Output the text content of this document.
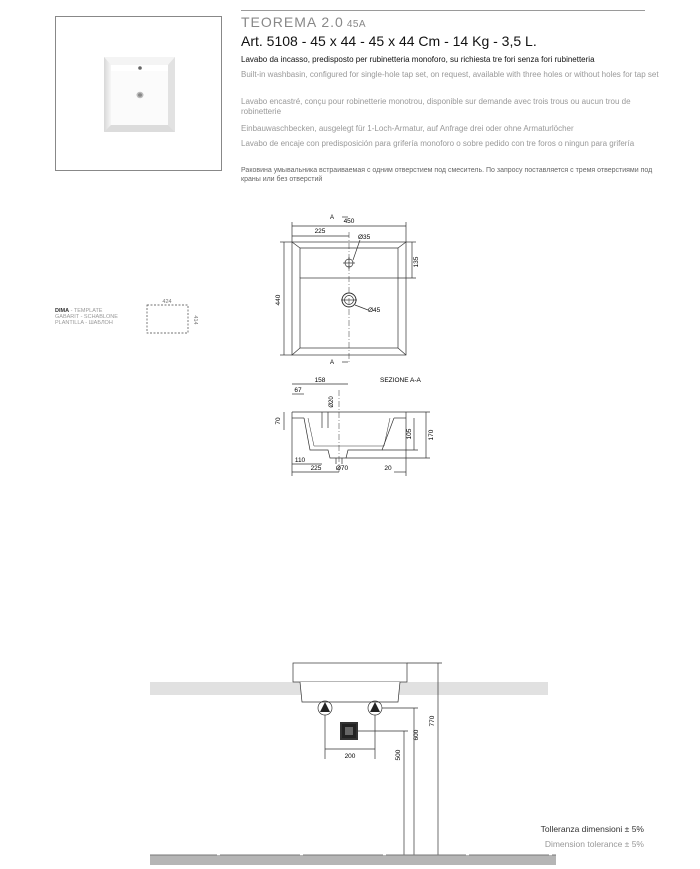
TEOREMA 2.0 45A
Art. 5108 - 45 x 44 - 45 x 44 Cm - 14 Kg - 3,5 L.
Lavabo da incasso, predisposto per rubinetteria monoforo, su richiesta tre fori senza fori rubinetteria
Built-in washbasin, configured for single-hole tap set, on request, available with three holes or without holes for tap set
Lavabo encastré, conçu pour robinetterie monotrou, disponible sur demande avec trois trous ou aucun trou de robinetterie
Einbauwaschbecken, ausgelegt für 1-Loch-Armatur, auf Anfrage drei oder ohne Armaturlöcher
Lavabo de encaje con predisposición para grifería monoforo o sobre pedido con tre foros o ningun para grifería
Раковина умывальника встраиваемая с одним отверстием под смеситель. По запросу поставляется с тремя отверстиями под краны или без отверстий
DIMA - TEMPLATE
GABARIT - SCHABLONE
PLANTILLA - ШАБЛОН
424
414
450
225
Ø35
Ø45
135
440
A
A
SEZIONE A-A
158
67
70
Ø20
105 170
110
225 Ø70	20
200
600
500
770
Tolleranza dimensioni ± 5%
Dimension tolerance ± 5%
